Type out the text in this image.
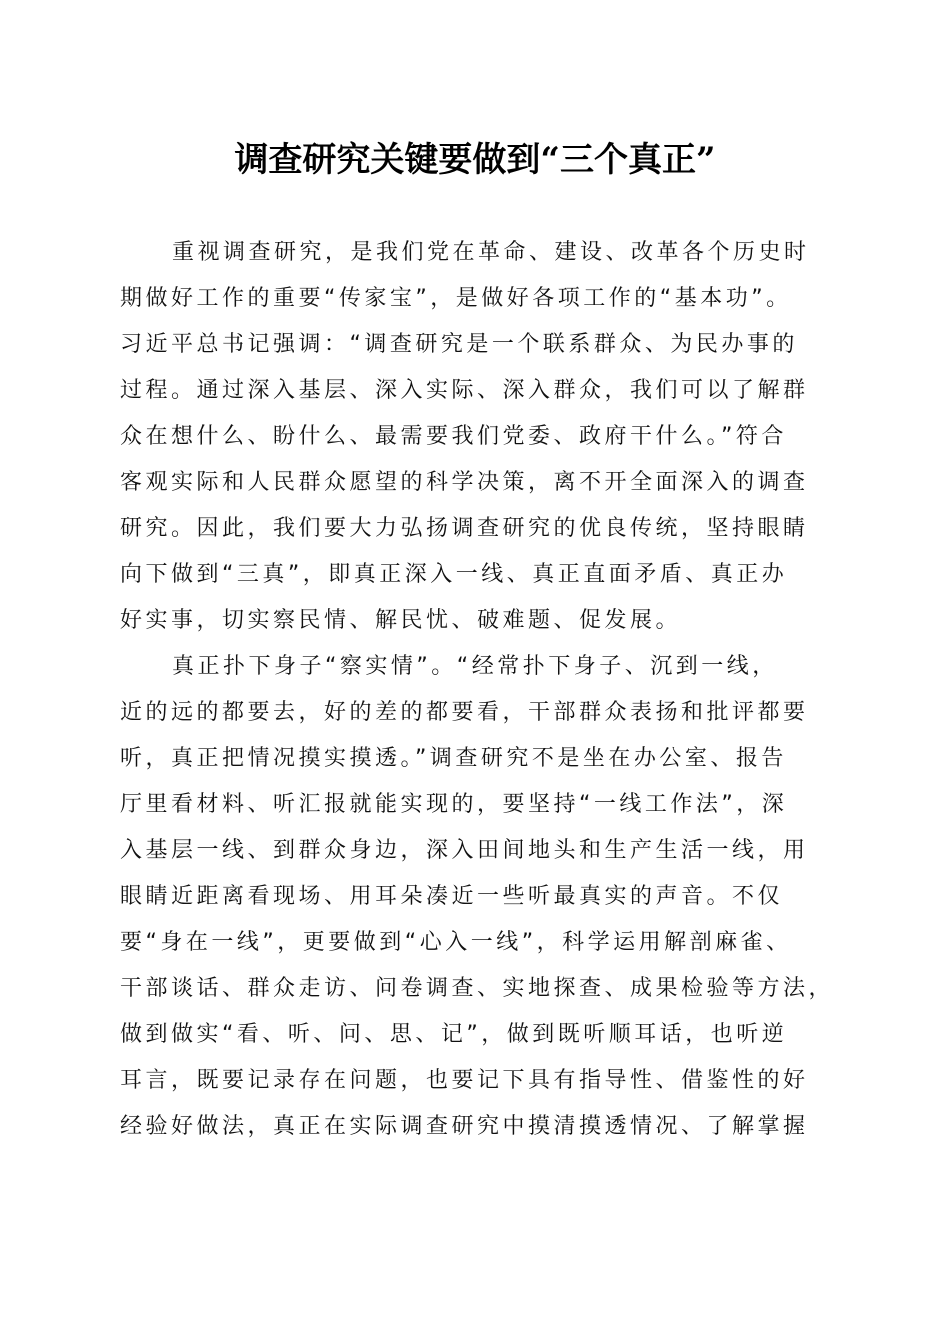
调查研究关键要做到“三个真正”
重视调查研究，是我们党在革命、建设、改革各个历史时
期做好工作的重要“传家宝”，是做好各项工作的“基本功”。
习近平总书记强调：“调查研究是一个联系群众、为民办事的
过程。通过深入基层、深入实际、深入群众，我们可以了解群
众在想什么、盼什么、最需要我们党委、政府干什么。”符合
客观实际和人民群众愿望的科学决策，离不开全面深入的调查
研究。因此，我们要大力弘扬调查研究的优良传统，坚持眼睛
向下做到“三真”，即真正深入一线、真正直面矛盾、真正办
好实事，切实察民情、解民忧、破难题、促发展。
真正扑下身子“察实情”。“经常扑下身子、沉到一线，
近的远的都要去，好的差的都要看，干部群众表扬和批评都要
听，真正把情况摸实摸透。”调查研究不是坐在办公室、报告
厅里看材料、听汇报就能实现的，要坚持“一线工作法”，深
入基层一线、到群众身边，深入田间地头和生产生活一线，用
眼睛近距离看现场、用耳朵凑近一些听最真实的声音。不仅
要“身在一线”，更要做到“心入一线”，科学运用解剖麻雀、
干部谈话、群众走访、问卷调查、实地探查、成果检验等方法，
做到做实“看、听、问、思、记”，做到既听顺耳话，也听逆
耳言，既要记录存在问题，也要记下具有指导性、借鉴性的好
经验好做法，真正在实际调查研究中摸清摸透情况、了解掌握
